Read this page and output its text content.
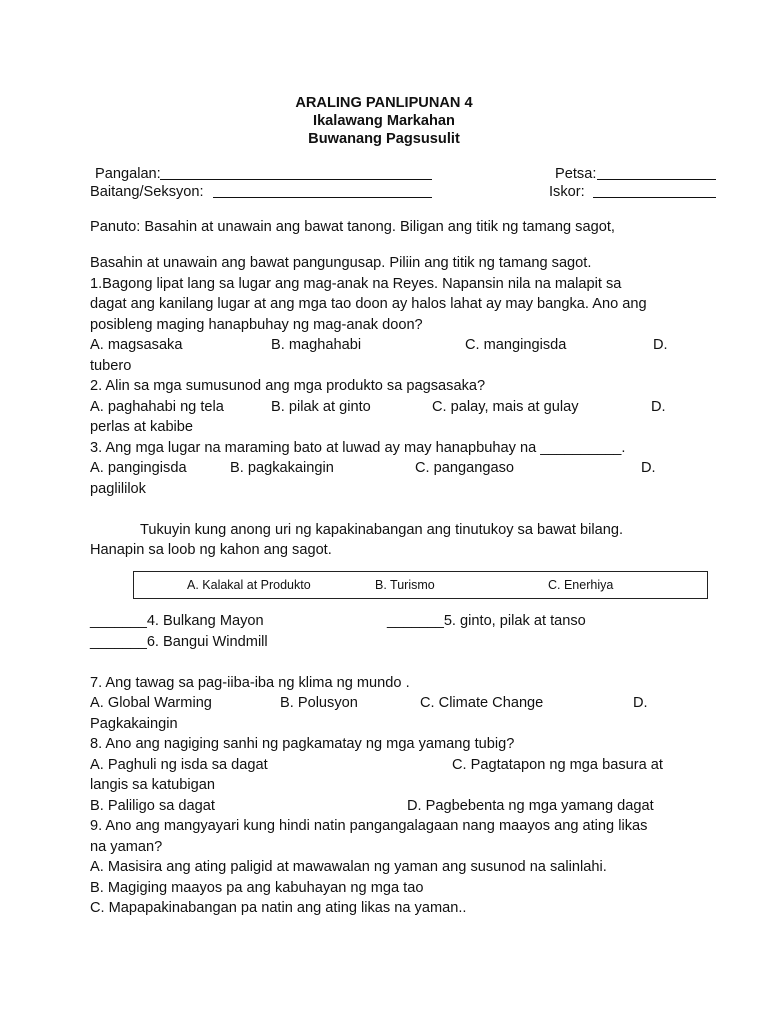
ARALING PANLIPUNAN 4
Ikalawang Markahan
Buwanang Pagsusulit
Pangalan:	Petsa:
Baitang/Seksyon:	Iskor:
Panuto: Basahin at unawain ang bawat tanong. Biligan ang titik ng tamang sagot,
Basahin at unawain ang bawat pangungusap. Piliin ang titik ng tamang sagot.
1.Bagong lipat lang sa lugar ang mag-anak na Reyes. Napansin nila na malapit sa
dagat ang kanilang lugar at ang mga tao doon ay halos lahat ay may bangka. Ano ang
posibleng maging hanapbuhay ng mag-anak doon?
A. magsasaka	B. maghahabi	C. mangingisda	D.
tubero
2. Alin sa mga sumusunod ang mga produkto sa pagsasaka?
A. paghahabi ng tela	B. pilak at ginto	C. palay, mais at gulay	D.
perlas at kabibe
3. Ang mga lugar na maraming bato at luwad ay may hanapbuhay na __________.
A. pangingisda	B. pagkakaingin	C. pangangaso	D.
paglililok
Tukuyin kung anong uri ng kapakinabangan ang tinutukoy sa bawat bilang.
Hanapin sa loob ng kahon ang sagot.
A. Kalakal at Produkto	B. Turismo	C. Enerhiya
_______4. Bulkang Mayon	_______5. ginto, pilak at tanso
_______6. Bangui Windmill
7. Ang tawag sa pag-iiba-iba ng klima ng mundo .
A. Global Warming	B. Polusyon	C. Climate Change	D.
Pagkakaingin
8. Ano ang nagiging sanhi ng pagkamatay ng mga yamang tubig?
A. Paghuli ng isda sa dagat	C. Pagtatapon ng mga basura at
langis sa katubigan
B. Paliligo sa dagat	D. Pagbebenta ng mga yamang dagat
9. Ano ang mangyayari kung hindi natin pangangalagaan nang maayos ang ating likas
na yaman?
A. Masisira ang ating paligid at mawawalan ng yaman ang susunod na salinlahi.
B. Magiging maayos pa ang kabuhayan ng mga tao
C. Mapapakinabangan pa natin ang ating likas na yaman..
